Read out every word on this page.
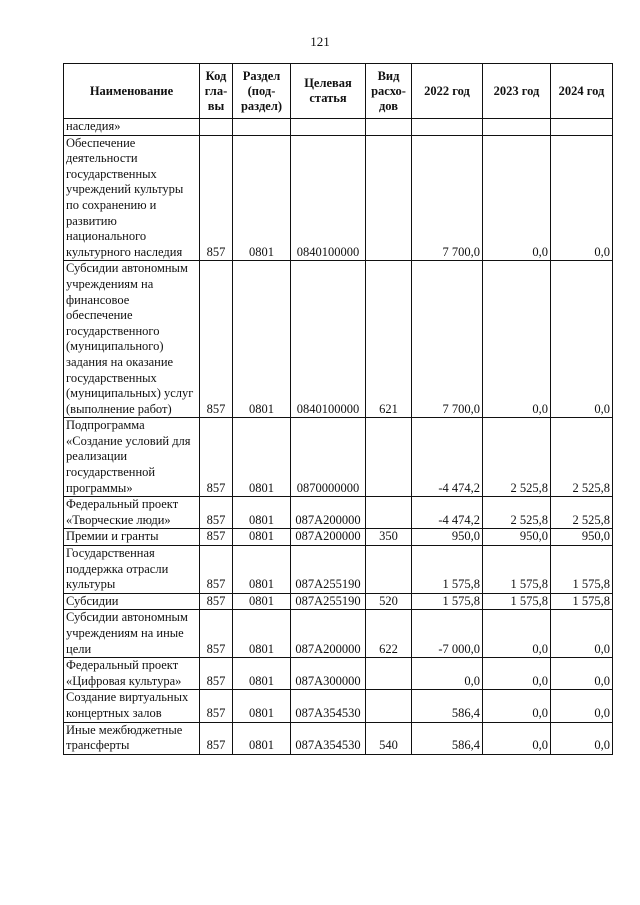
121
Наименование	Код гла-вы	Раздел (под-раздел)	Целевая статья	Вид расхо-дов	2022 год	2023 год	2024 год
наследия»							
Обеспечение деятельности государственных учреждений культуры по сохранению и развитию национального культурного наследия	857	0801	0840100000		7 700,0	0,0	0,0
Субсидии автономным учреждениям на финансовое обеспечение государственного (муниципального) задания на оказание государственных (муниципальных) услуг (выполнение работ)	857	0801	0840100000	621	7 700,0	0,0	0,0
Подпрограмма «Создание условий для реализации государственной программы»	857	0801	0870000000		-4 474,2	2 525,8	2 525,8
Федеральный проект «Творческие люди»	857	0801	087A200000		-4 474,2	2 525,8	2 525,8
Премии и гранты	857	0801	087A200000	350	950,0	950,0	950,0
Государственная поддержка отрасли культуры	857	0801	087A255190		1 575,8	1 575,8	1 575,8
Субсидии	857	0801	087A255190	520	1 575,8	1 575,8	1 575,8
Субсидии автономным учреждениям на иные цели	857	0801	087A200000	622	-7 000,0	0,0	0,0
Федеральный проект «Цифровая культура»	857	0801	087A300000		0,0	0,0	0,0
Создание виртуальных концертных залов	857	0801	087A354530		586,4	0,0	0,0
Иные межбюджетные трансферты	857	0801	087A354530	540	586,4	0,0	0,0
